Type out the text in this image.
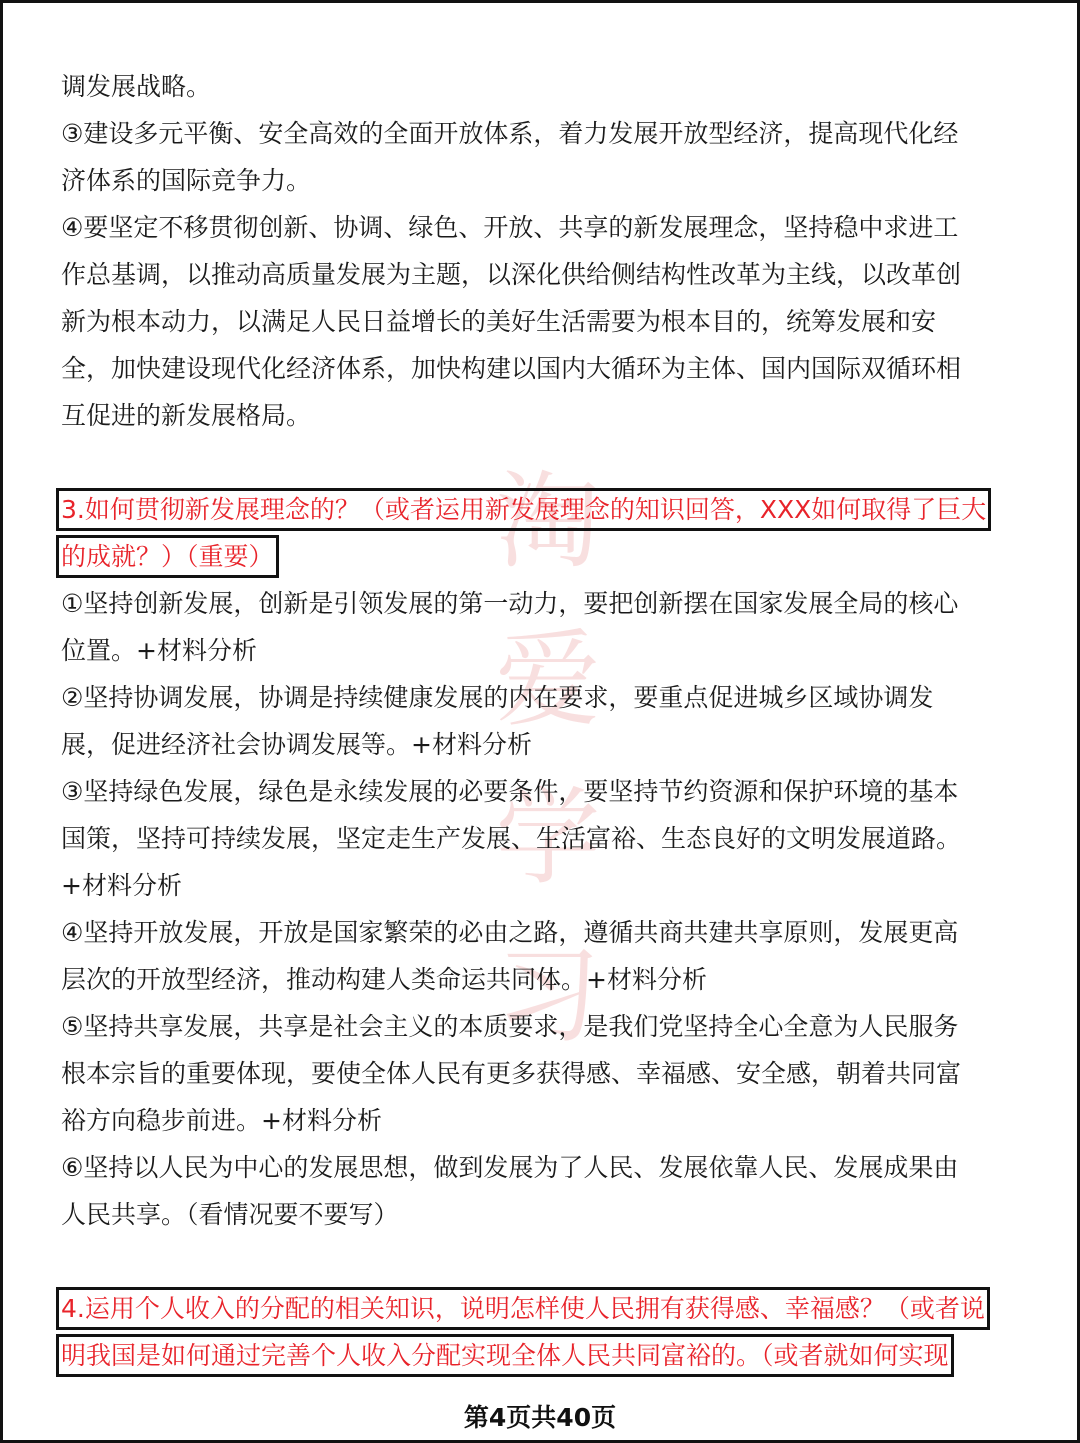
淘
爱
学
习
调发展战略。
③建设多元平衡、安全高效的全面开放体系，着力发展开放型经济，提高现代化经
济体系的国际竞争力。
④要坚定不移贯彻创新、协调、绿色、开放、共享的新发展理念，坚持稳中求进工
作总基调，以推动高质量发展为主题，以深化供给侧结构性改革为主线，以改革创
新为根本动力，以满足人民日益增长的美好生活需要为根本目的，统筹发展和安
全，加快建设现代化经济体系，加快构建以国内大循环为主体、国内国际双循环相
互促进的新发展格局。
3.如何贯彻新发展理念的？（或者运用新发展理念的知识回答，XXX如何取得了巨大
的成就？）（重要）
①坚持创新发展，创新是引领发展的第一动力，要把创新摆在国家发展全局的核心
位置。+材料分析
②坚持协调发展，协调是持续健康发展的内在要求，要重点促进城乡区域协调发
展，促进经济社会协调发展等。+材料分析
③坚持绿色发展，绿色是永续发展的必要条件，要坚持节约资源和保护环境的基本
国策，坚持可持续发展，坚定走生产发展、生活富裕、生态良好的文明发展道路。
+材料分析
④坚持开放发展，开放是国家繁荣的必由之路，遵循共商共建共享原则，发展更高
层次的开放型经济，推动构建人类命运共同体。+材料分析
⑤坚持共享发展，共享是社会主义的本质要求，是我们党坚持全心全意为人民服务
根本宗旨的重要体现，要使全体人民有更多获得感、幸福感、安全感，朝着共同富
裕方向稳步前进。+材料分析
⑥坚持以人民为中心的发展思想，做到发展为了人民、发展依靠人民、发展成果由
人民共享。（看情况要不要写）
4.运用个人收入的分配的相关知识，说明怎样使人民拥有获得感、幸福感？（或者说
明我国是如何通过完善个人收入分配实现全体人民共同富裕的。（或者就如何实现
第4页共40页
